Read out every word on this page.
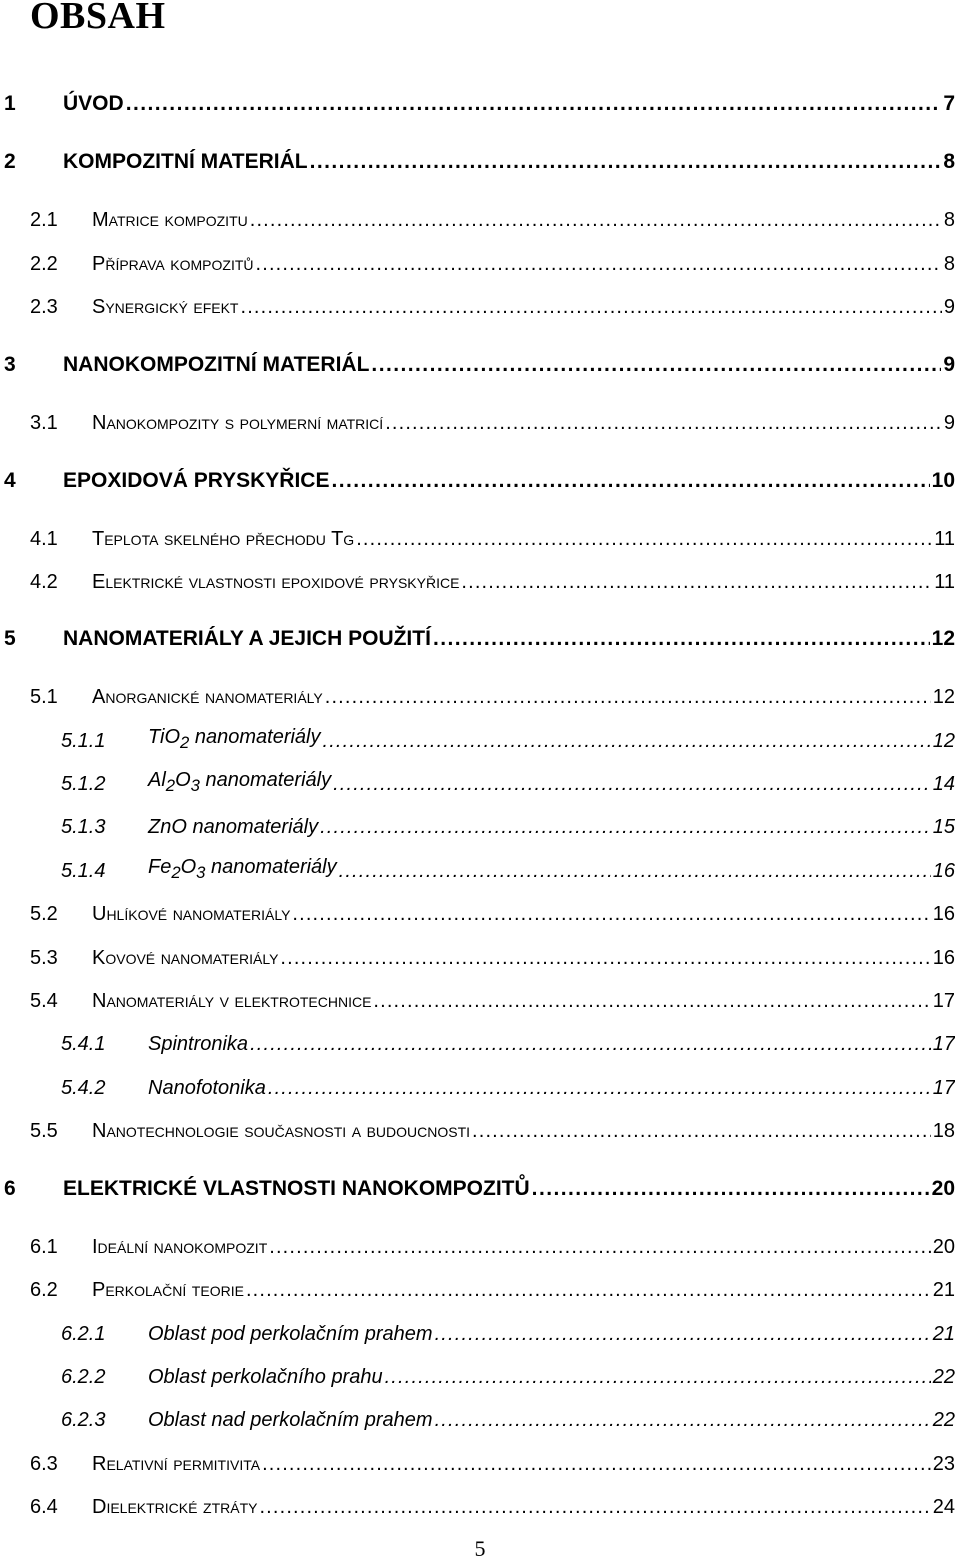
OBSAH
1	ÚVOD . . .	7
2	KOMPOZITNÍ MATERIÁL . . .	8
2.1	Matrice kompozitu . . .	8
2.2	Příprava kompozitů . . .	8
2.3	Synergický efekt . . .	9
3	NANOKOMPOZITNÍ MATERIÁL . . .	9
3.1	Nanokompozity s polymerní matricí . . .	9
4	EPOXIDOVÁ PRYSKYŘICE . . .	10
4.1	Teplota skelného přechodu Tg . . .	11
4.2	Elektrické vlastnosti epoxidové pryskyřice . . .	11
5	NANOMATERIÁLY A JEJICH POUŽITÍ . . .	12
5.1	Anorganické nanomateriály . . .	12
5.1.1	TiO$_2$ nanomateriály . . .	12
5.1.2	$Al_2O_3$ nanomateriály . . .	14
5.1.3	ZnO nanomateriály . . .	15
5.1.4	$Fe_2O_3$ nanomateriály . . .	16
5.2	Uhlíkové nanomateriály . . .	16
5.3	Kovové nanomateriály . . .	16
5.4	Nanomateriály v elektrotechnice . . .	17
5.4.1	Spintronika . . .	17
5.4.2	Nanofotonika . . .	17
5.5	Nanotechnologie současnosti a budoucnosti . . .	18
6	ELEKTRICKÉ VLASTNOSTI NANOKOMPOZITŮ . . .	20
6.1	Ideální nanokompozit . . .	20
6.2	Perkolační teorie . . .	21
6.2.1	Oblast pod perkolačním prahem . . .	21
6.2.2	Oblast perkolačního prahu . . .	22
6.2.3	Oblast nad perkolačním prahem . . .	22
6.3	Relativní permitivita . . .	23
6.4	Dielektrické ztráty . . .	24
5
